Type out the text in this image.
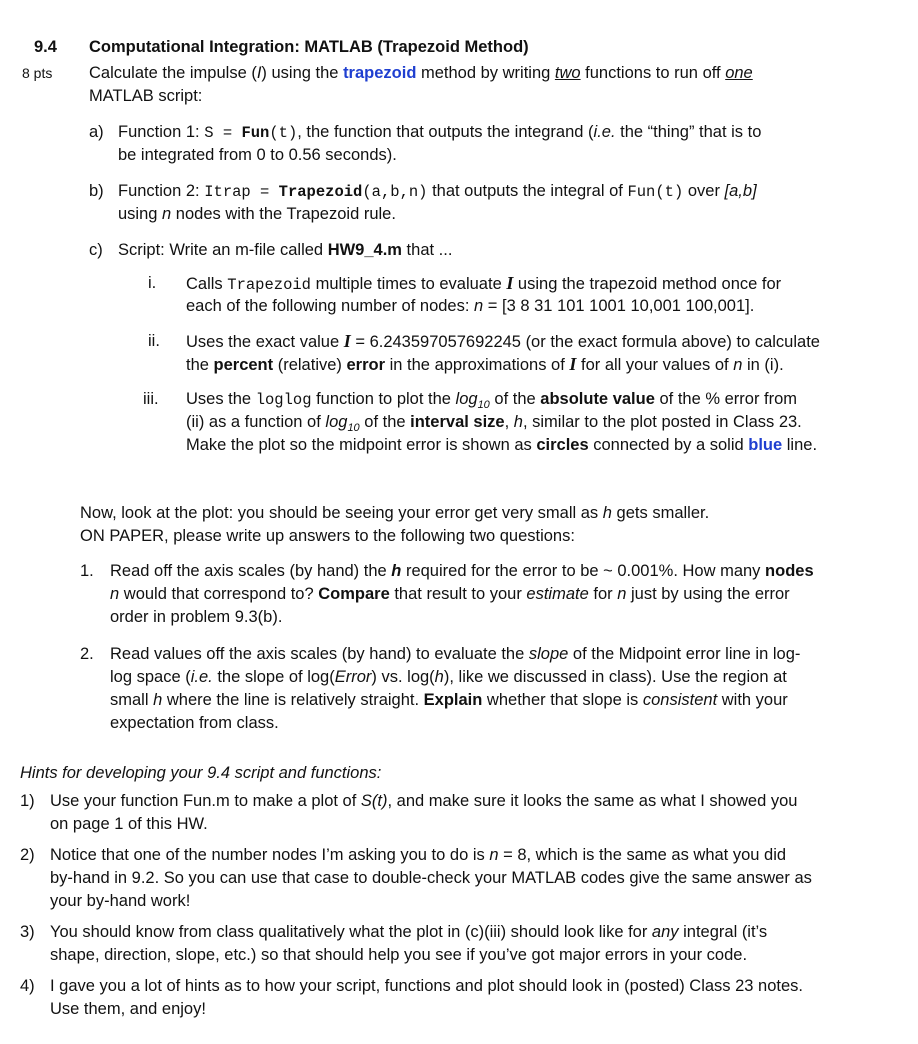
9.4 Computational Integration: MATLAB (Trapezoid Method)
8 pts Calculate the impulse (I) using the trapezoid method by writing two functions to run off one
MATLAB script:
a) Function 1: S = Fun(t), the function that outputs the integrand (i.e. the “thing” that is to
be integrated from 0 to 0.56 seconds).
b) Function 2: Itrap = Trapezoid(a,b,n) that outputs the integral of Fun(t) over [a,b]
using n nodes with the Trapezoid rule.
c) Script: Write an m-file called HW9_4.m that ...
i. Calls Trapezoid multiple times to evaluate I using the trapezoid method once for
each of the following number of nodes: n = [3 8 31 101 1001 10,001 100,001].
ii. Uses the exact value I = 6.243597057692245 (or the exact formula above) to calculate
the percent (relative) error in the approximations of I for all your values of n in (i).
iii. Uses the loglog function to plot the $\log_{10}$ of the absolute value of the % error from
(ii) as a function of $\log_{10}$ of the interval size, h, similar to the plot posted in Class 23.
Make the plot so the midpoint error is shown as circles connected by a solid blue line.
Now, look at the plot: you should be seeing your error get very small as h gets smaller.
ON PAPER, please write up answers to the following two questions:
1. Read off the axis scales (by hand) the h required for the error to be ~ 0.001%. How many nodes
n would that correspond to? Compare that result to your estimate for n just by using the error
order in problem 9.3(b).
2. Read values off the axis scales (by hand) to evaluate the slope of the Midpoint error line in log-
log space (i.e. the slope of log(Error) vs. log(h), like we discussed in class). Use the region at
small h where the line is relatively straight. Explain whether that slope is consistent with your
expectation from class.
Hints for developing your 9.4 script and functions:
1) Use your function Fun.m to make a plot of S(t), and make sure it looks the same as what I showed you
on page 1 of this HW.
2) Notice that one of the number nodes I’m asking you to do is n = 8, which is the same as what you did
by-hand in 9.2. So you can use that case to double-check your MATLAB codes give the same answer as
your by-hand work!
3) You should know from class qualitatively what the plot in (c)(iii) should look like for any integral (it’s
shape, direction, slope, etc.) so that should help you see if you’ve got major errors in your code.
4) I gave you a lot of hints as to how your script, functions and plot should look in (posted) Class 23 notes.
Use them, and enjoy!
